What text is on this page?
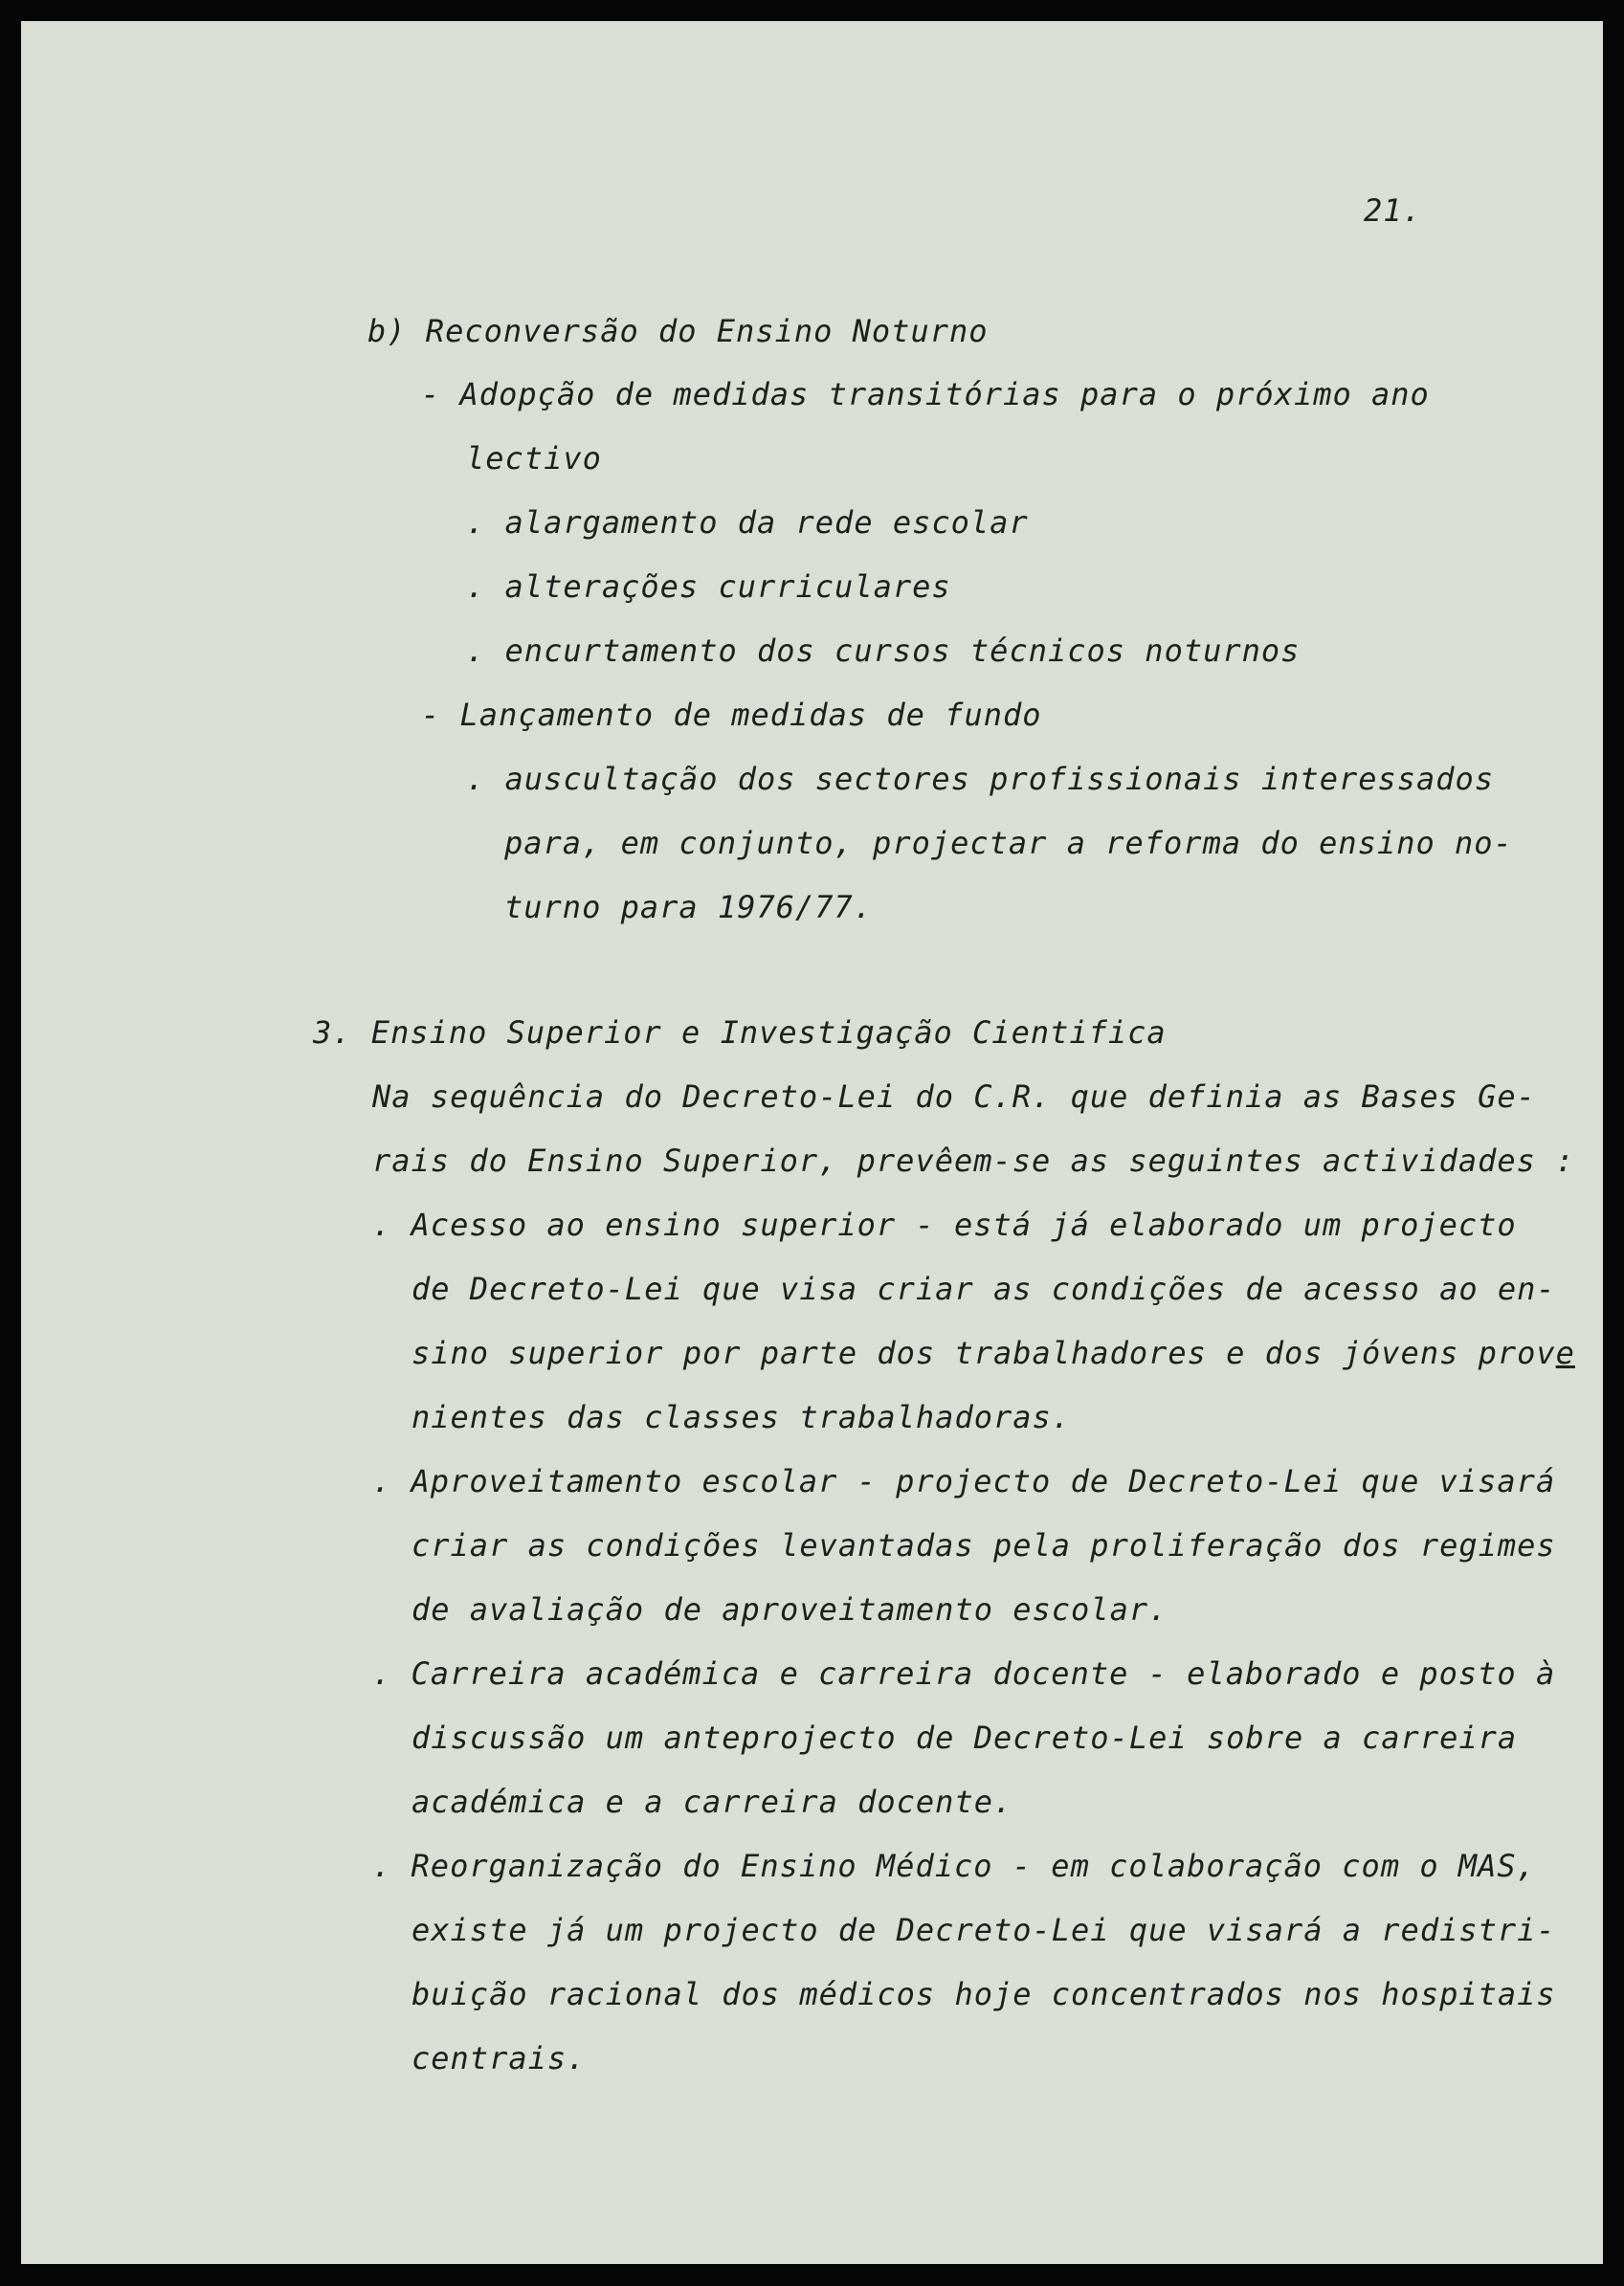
21.
b) Reconversão do Ensino Noturno
- Adopção de medidas transitórias para o próximo ano
lectivo
. alargamento da rede escolar
. alterações curriculares
. encurtamento dos cursos técnicos noturnos
- Lançamento de medidas de fundo
. auscultação dos sectores profissionais interessados
para, em conjunto, projectar a reforma do ensino no-
turno para 1976/77.
3. Ensino Superior e Investigação Cientifica
Na sequência do Decreto-Lei do C.R. que definia as Bases Ge-
rais do Ensino Superior, prevêem-se as seguintes actividades :
. Acesso ao ensino superior - está já elaborado um projecto
de Decreto-Lei que visa criar as condições de acesso ao en-
sino superior por parte dos trabalhadores e dos jóvens prove
nientes das classes trabalhadoras.
. Aproveitamento escolar - projecto de Decreto-Lei que visará
criar as condições levantadas pela proliferação dos regimes
de avaliação de aproveitamento escolar.
. Carreira académica e carreira docente - elaborado e posto à
discussão um anteprojecto de Decreto-Lei sobre a carreira
académica e a carreira docente.
. Reorganização do Ensino Médico - em colaboração com o MAS,
existe já um projecto de Decreto-Lei que visará a redistri-
buição racional dos médicos hoje concentrados nos hospitais
centrais.
